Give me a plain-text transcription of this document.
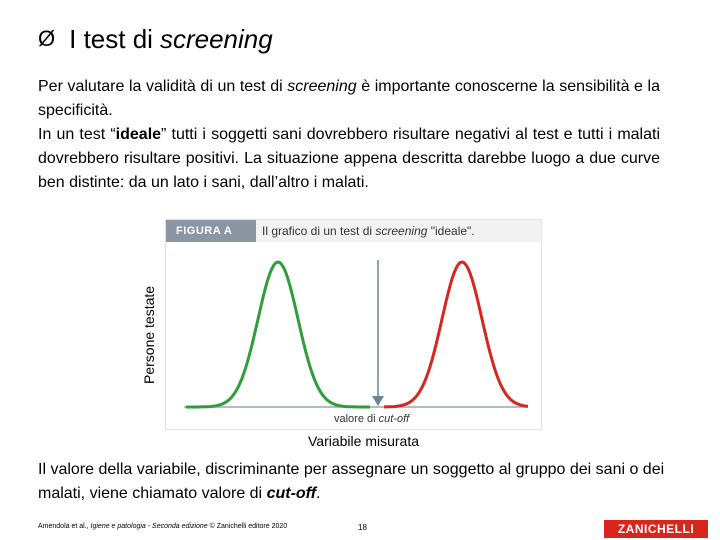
Ø I test di screening

Per valutare la validità di un test di screening è importante conoscerne la sensibilità e la specificità.

In un test “ideale” tutti i soggetti sani dovrebbero risultare negativi al test e tutti i malati dovrebbero risultare positivi. La situazione appena descritta darebbe luogo a due curve ben distinte: da un lato i sani, dall’altro i malati.

FIGURA A	Il grafico di un test di screening "ideale".
valore di cut-off
Persone testate
Variabile misurata
Il valore della variabile, discriminante per assegnare un soggetto al gruppo dei sani o dei malati, viene chiamato valore di cut-off.
Amendola et al., Igiene e patologia - Seconda edizione © Zanichelli editore 2020	18	ZANICHELLI
